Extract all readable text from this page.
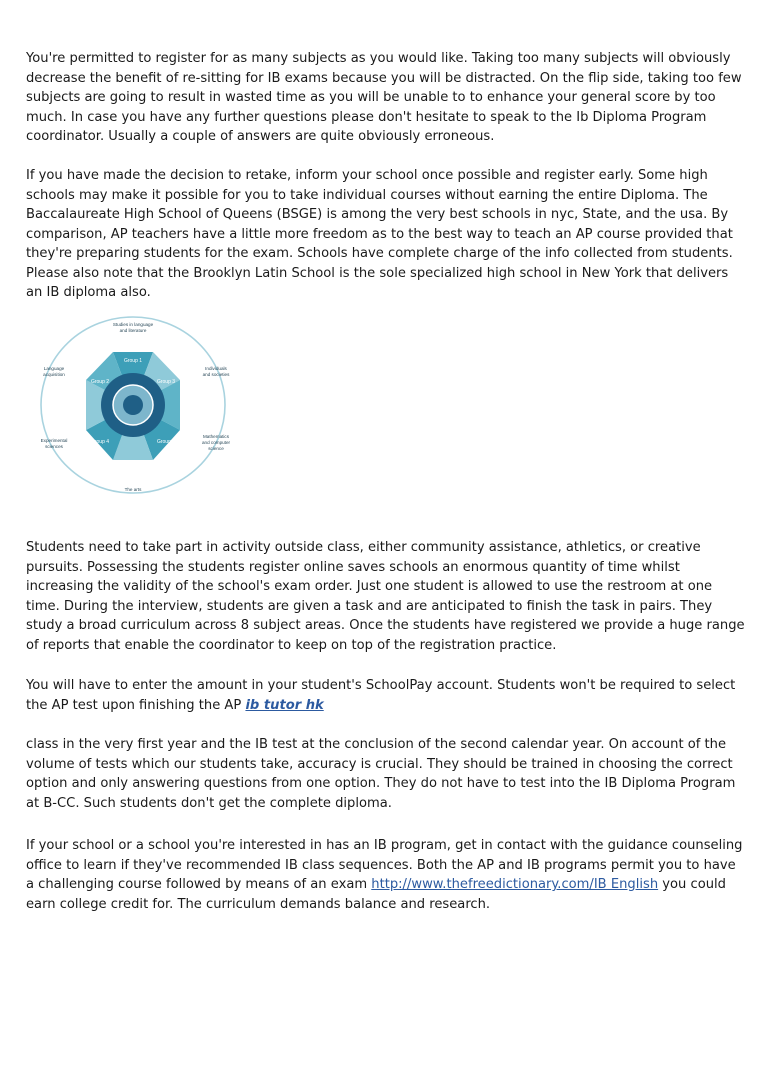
You're permitted to register for as many subjects as you would like. Taking too many subjects will obviously decrease the benefit of re-sitting for IB exams because you will be distracted. On the flip side, taking too few subjects are going to result in wasted time as you will be unable to to enhance your general score by too much. In case you have any further questions please don't hesitate to speak to the Ib Diploma Program coordinator. Usually a couple of answers are quite obviously erroneous.

If you have made the decision to retake, inform your school once possible and register early. Some high schools may make it possible for you to take individual courses without earning the entire Diploma. The Baccalaureate High School of Queens (BSGE) is among the very best schools in nyc, State, and the usa. By comparison, AP teachers have a little more freedom as to the best way to teach an AP course provided that they're preparing students for the exam. Schools have complete charge of the info collected from students. Please also note that the Brooklyn Latin School is the sole specialized high school in New York that delivers an IB diploma also.

Group 1
Group 2	Group 3
Group 4	Group 5
Group 6
Studies in language
and literature
Language
acquisition
Individuals
and societies
Experimental
sciences
Mathematics
and computer
science
The arts

Students need to take part in activity outside class, either community assistance, athletics, or creative pursuits. Possessing the students register online saves schools an enormous quantity of time whilst increasing the validity of the school's exam order. Just one student is allowed to use the restroom at one time. During the interview, students are given a task and are anticipated to finish the task in pairs. They study a broad curriculum across 8 subject areas. Once the students have registered we provide a huge range of reports that enable the coordinator to keep on top of the registration practice.

You will have to enter the amount in your student's SchoolPay account. Students won't be required to select the AP test upon finishing the AP ib tutor hk

class in the very first year and the IB test at the conclusion of the second calendar year. On account of the volume of tests which our students take, accuracy is crucial. They should be trained in choosing the correct option and only answering questions from one option. They do not have to test into the IB Diploma Program at B-CC. Such students don't get the complete diploma.

If your school or a school you're interested in has an IB program, get in contact with the guidance counseling office to learn if they've recommended IB class sequences. Both the AP and IB programs permit you to have a challenging course followed by means of an exam http://www.thefreedictionary.com/IB English you could earn college credit for. The curriculum demands balance and research.
